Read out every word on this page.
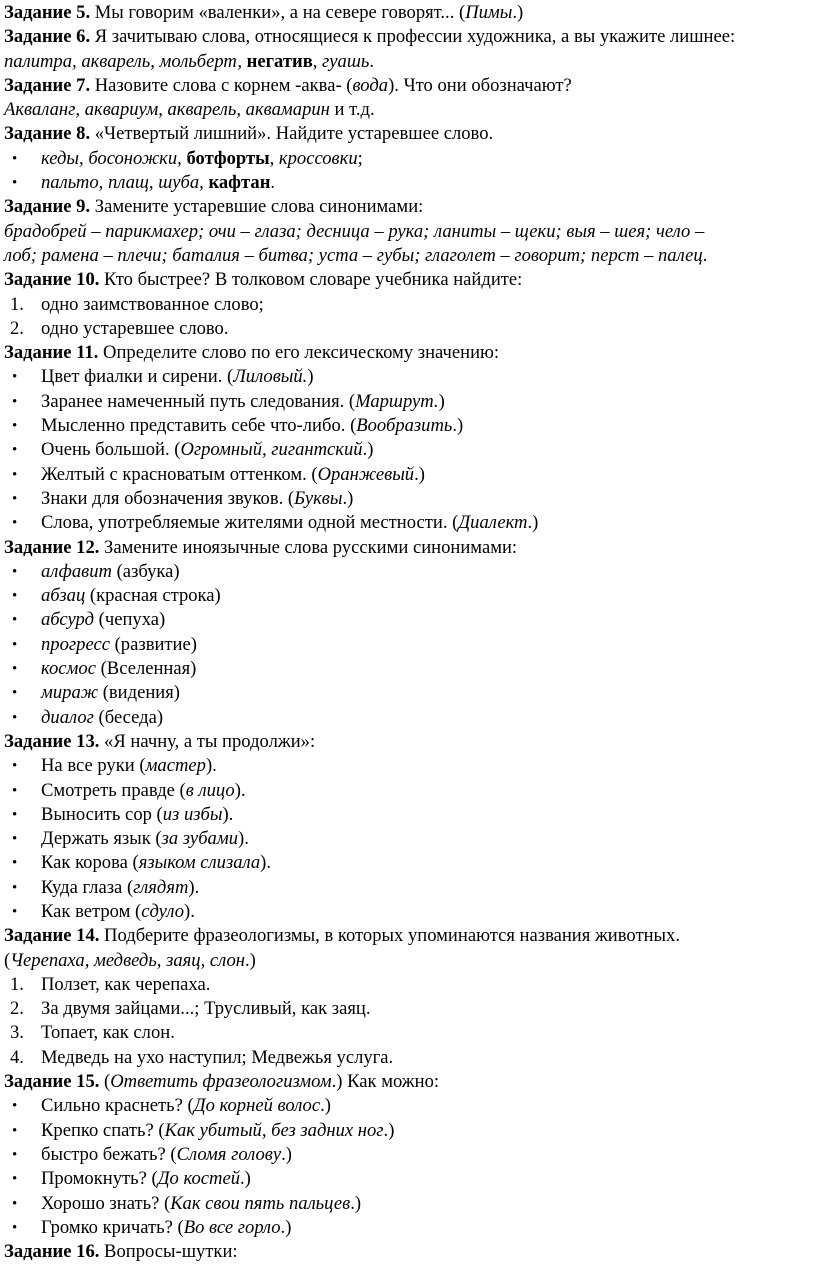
Задание 5. Мы говорим «валенки», а на севере говорят... (Пимы.)
Задание 6. Я зачитываю слова, относящиеся к профессии художника, а вы укажите лишнее: палитра, акварель, мольберт, негатив, гуашь.
Задание 7. Назовите слова с корнем -аква- (вода). Что они обозначают?
Акваланг, аквариум, акварель, аквамарин и т.д.
Задание 8. «Четвертый лишний». Найдите устаревшее слово.
• кеды, босоножки, ботфорты, кроссовки;
• пальто, плащ, шуба, кафтан.
Задание 9. Замените устаревшие слова синонимами:
брадобрей – парикмахер; очи – глаза; десница – рука; ланиты – щеки; выя – шея; чело –
лоб; рамена – плечи; баталия – битва; уста – губы; глаголет – говорит; перст – палец.
Задание 10. Кто быстрее? В толковом словаре учебника найдите:
1. одно заимствованное слово;
2. одно устаревшее слово.
Задание 11. Определите слово по его лексическому значению:
• Цвет фиалки и сирени. (Лиловый.)
• Заранее намеченный путь следования. (Маршрут.)
• Мысленно представить себе что-либо. (Вообразить.)
• Очень большой. (Огромный, гигантский.)
• Желтый с красноватым оттенком. (Оранжевый.)
• Знаки для обозначения звуков. (Буквы.)
• Слова, употребляемые жителями одной местности. (Диалект.)
Задание 12. Замените иноязычные слова русскими синонимами:
• алфавит (азбука)
• абзац (красная строка)
• абсурд (чепуха)
• прогресс (развитие)
• космос (Вселенная)
• мираж (видения)
• диалог (беседа)
Задание 13. «Я начну, а ты продолжи»:
• На все руки (мастер).
• Смотреть правде (в лицо).
• Выносить сор (из избы).
• Держать язык (за зубами).
• Как корова (языком слизала).
• Куда глаза (глядят).
• Как ветром (сдуло).
Задание 14. Подберите фразеологизмы, в которых упоминаются названия животных.
(Черепаха, медведь, заяц, слон.)
1. Ползет, как черепаха.
2. За двумя зайцами...; Трусливый, как заяц.
3. Топает, как слон.
4. Медведь на ухо наступил; Медвежья услуга.
Задание 15. (Ответить фразеологизмом.) Как можно:
• Сильно краснеть? (До корней волос.)
• Крепко спать? (Как убитый, без задних ног.)
• быстро бежать? (Сломя голову.)
• Промокнуть? (До костей.)
• Хорошо знать? (Как свои пять пальцев.)
• Громко кричать? (Во все горло.)
Задание 16. Вопросы-шутки:
